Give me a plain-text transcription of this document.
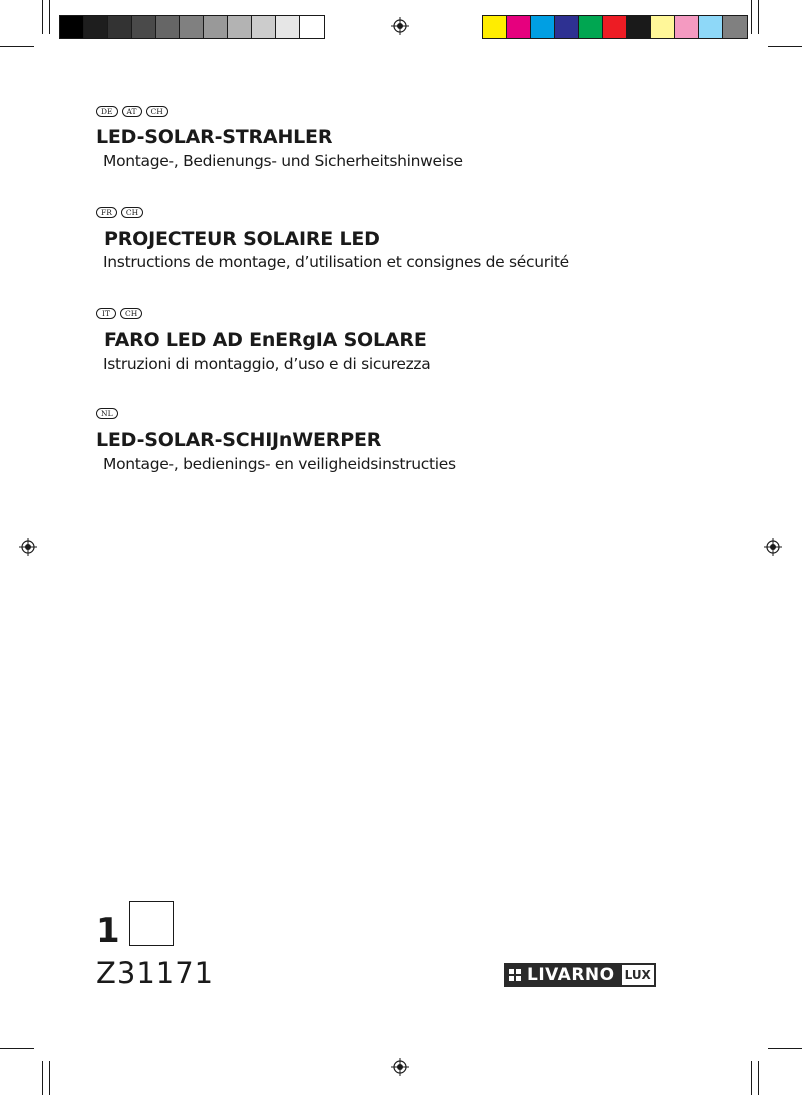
DE	AT	CH
LED-SOLAR-STRAHLER
Montage-, Bedienungs- und Sicherheitshinweise
FR	CH
PROJECTEUR SOLAIRE LED
Instructions de montage, d’utilisation et consignes de sécurité
IT	CH
FARO LED AD EnERgIA SOLARE
Istruzioni di montaggio, d’uso e di sicurezza
NL
LED-SOLAR-SCHIJnWERPER
Montage-, bedienings- en veiligheidsinstructies
1
Z31171	LIVARNO LUX
